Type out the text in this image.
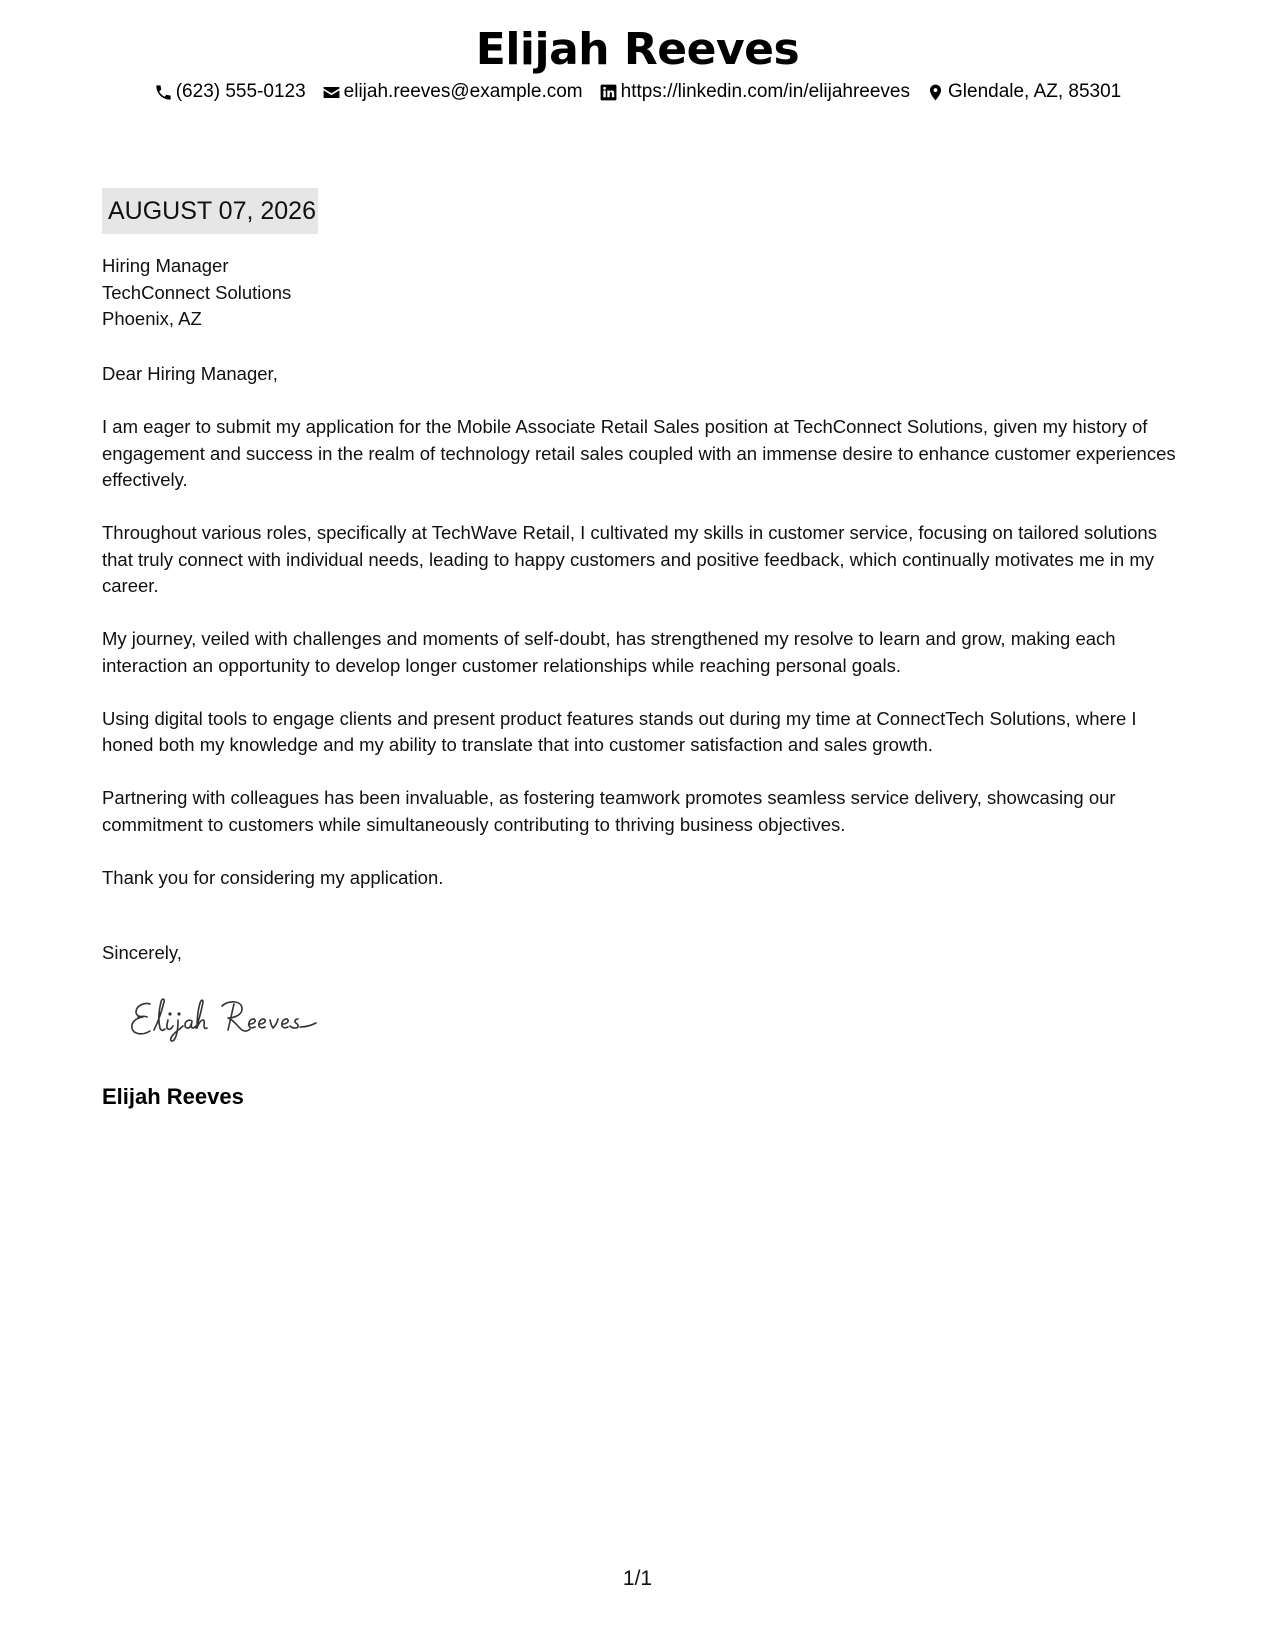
Elijah Reeves
(623) 555-0123 elijah.reeves@example.com https://linkedin.com/in/elijahreeves Glendale, AZ, 85301
AUGUST 07, 2026
Hiring Manager
TechConnect Solutions
Phoenix, AZ
Dear Hiring Manager,

I am eager to submit my application for the Mobile Associate Retail Sales position at TechConnect Solutions, given my history of engagement and success in the realm of technology retail sales coupled with an immense desire to enhance customer experiences effectively.

Throughout various roles, specifically at TechWave Retail, I cultivated my skills in customer service, focusing on tailored solutions that truly connect with individual needs, leading to happy customers and positive feedback, which continually motivates me in my career.

My journey, veiled with challenges and moments of self-doubt, has strengthened my resolve to learn and grow, making each interaction an opportunity to develop longer customer relationships while reaching personal goals.

Using digital tools to engage clients and present product features stands out during my time at ConnectTech Solutions, where I honed both my knowledge and my ability to translate that into customer satisfaction and sales growth.

Partnering with colleagues has been invaluable, as fostering teamwork promotes seamless service delivery, showcasing our commitment to customers while simultaneously contributing to thriving business objectives.

Thank you for considering my application.

Sincerely,
Elijah Reeves
1/1
